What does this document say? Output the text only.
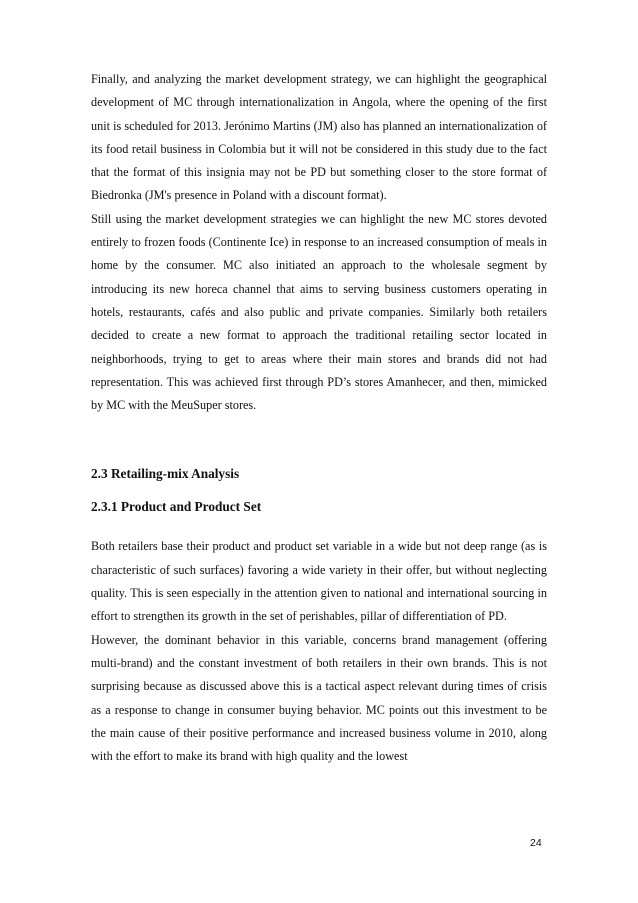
Finally, and analyzing the market development strategy, we can highlight the geographical development of MC through internationalization in Angola, where the opening of the first unit is scheduled for 2013. Jerónimo Martins (JM) also has planned an internationalization of its food retail business in Colombia but it will not be considered in this study due to the fact that the format of this insignia may not be PD but something closer to the store format of Biedronka (JM's presence in Poland with a discount format).

Still using the market development strategies we can highlight the new MC stores devoted entirely to frozen foods (Continente Ice) in response to an increased consumption of meals in home by the consumer. MC also initiated an approach to the wholesale segment by introducing its new horeca channel that aims to serving business customers operating in hotels, restaurants, cafés and also public and private companies. Similarly both retailers decided to create a new format to approach the traditional retailing sector located in neighborhoods, trying to get to areas where their main stores and brands did not had representation. This was achieved first through PD’s stores Amanhecer, and then, mimicked by MC with the MeuSuper stores.

2.3 Retailing-mix Analysis
2.3.1 Product and Product Set

Both retailers base their product and product set variable in a wide but not deep range (as is characteristic of such surfaces) favoring a wide variety in their offer, but without neglecting quality. This is seen especially in the attention given to national and international sourcing in effort to strengthen its growth in the set of perishables, pillar of differentiation of PD.

However, the dominant behavior in this variable, concerns brand management (offering multi-brand) and the constant investment of both retailers in their own brands. This is not surprising because as discussed above this is a tactical aspect relevant during times of crisis as a response to change in consumer buying behavior. MC points out this investment to be the main cause of their positive performance and increased business volume in 2010, along with the effort to make its brand with high quality and the lowest

24
